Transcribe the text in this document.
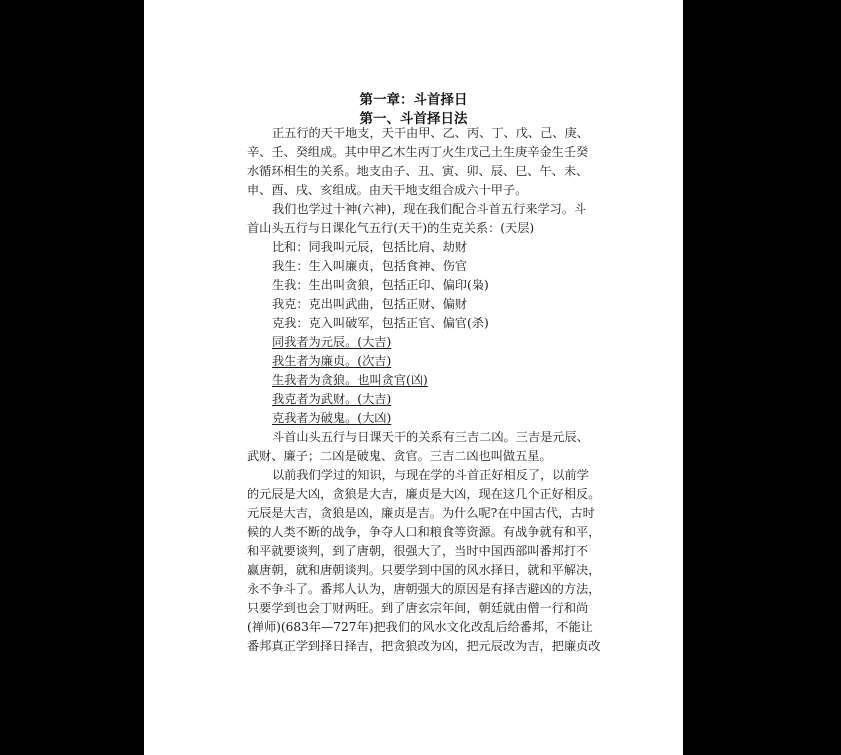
第一章：斗首择日
第一、斗首择日法
正五行的天干地支，天干由甲、乙、丙、丁、戊、己、庚、
辛、壬、癸组成。其中甲乙木生丙丁火生戊己土生庚辛金生壬癸
水循环相生的关系。地支由子、丑、寅、卯、辰、巳、午、未、
申、酉、戌、亥组成。由天干地支组合成六十甲子。
我们也学过十神(六神)，现在我们配合斗首五行来学习。斗
首山头五行与日课化气五行(天干)的生克关系：(天层)
比和：同我叫元辰，包括比肩、劫财
我生：生入叫廉贞，包括食神、伤官
生我：生出叫贪狼，包括正印、偏印(枭)
我克：克出叫武曲，包括正财、偏财
克我：克入叫破军，包括正官、偏官(杀)
同我者为元辰。(大吉)
我生者为廉贞。(次吉)
生我者为贪狼。也叫贪官(凶)
我克者为武财。(大吉)
克我者为破鬼。(大凶)
斗首山头五行与日课天干的关系有三吉二凶。三吉是元辰、
武财、廉子；二凶是破鬼、贪官。三吉二凶也叫做五星。
以前我们学过的知识，与现在学的斗首正好相反了，以前学
的元辰是大凶，贪狼是大吉，廉贞是大凶，现在这几个正好相反。
元辰是大吉，贪狼是凶，廉贞是吉。为什么呢?在中国古代，古时
候的人类不断的战争，争夺人口和粮食等资源。有战争就有和平，
和平就要谈判，到了唐朝，很强大了，当时中国西部叫番邦打不
赢唐朝，就和唐朝谈判。只要学到中国的风水择日，就和平解决，
永不争斗了。番邦人认为，唐朝强大的原因是有择吉避凶的方法，
只要学到也会丁财两旺。到了唐玄宗年间，朝廷就由僧一行和尚
(禅师)(683年—727年)把我们的风水文化改乱后给番邦，不能让
番邦真正学到择日择吉，把贪狼改为凶，把元辰改为吉，把廉贞改
